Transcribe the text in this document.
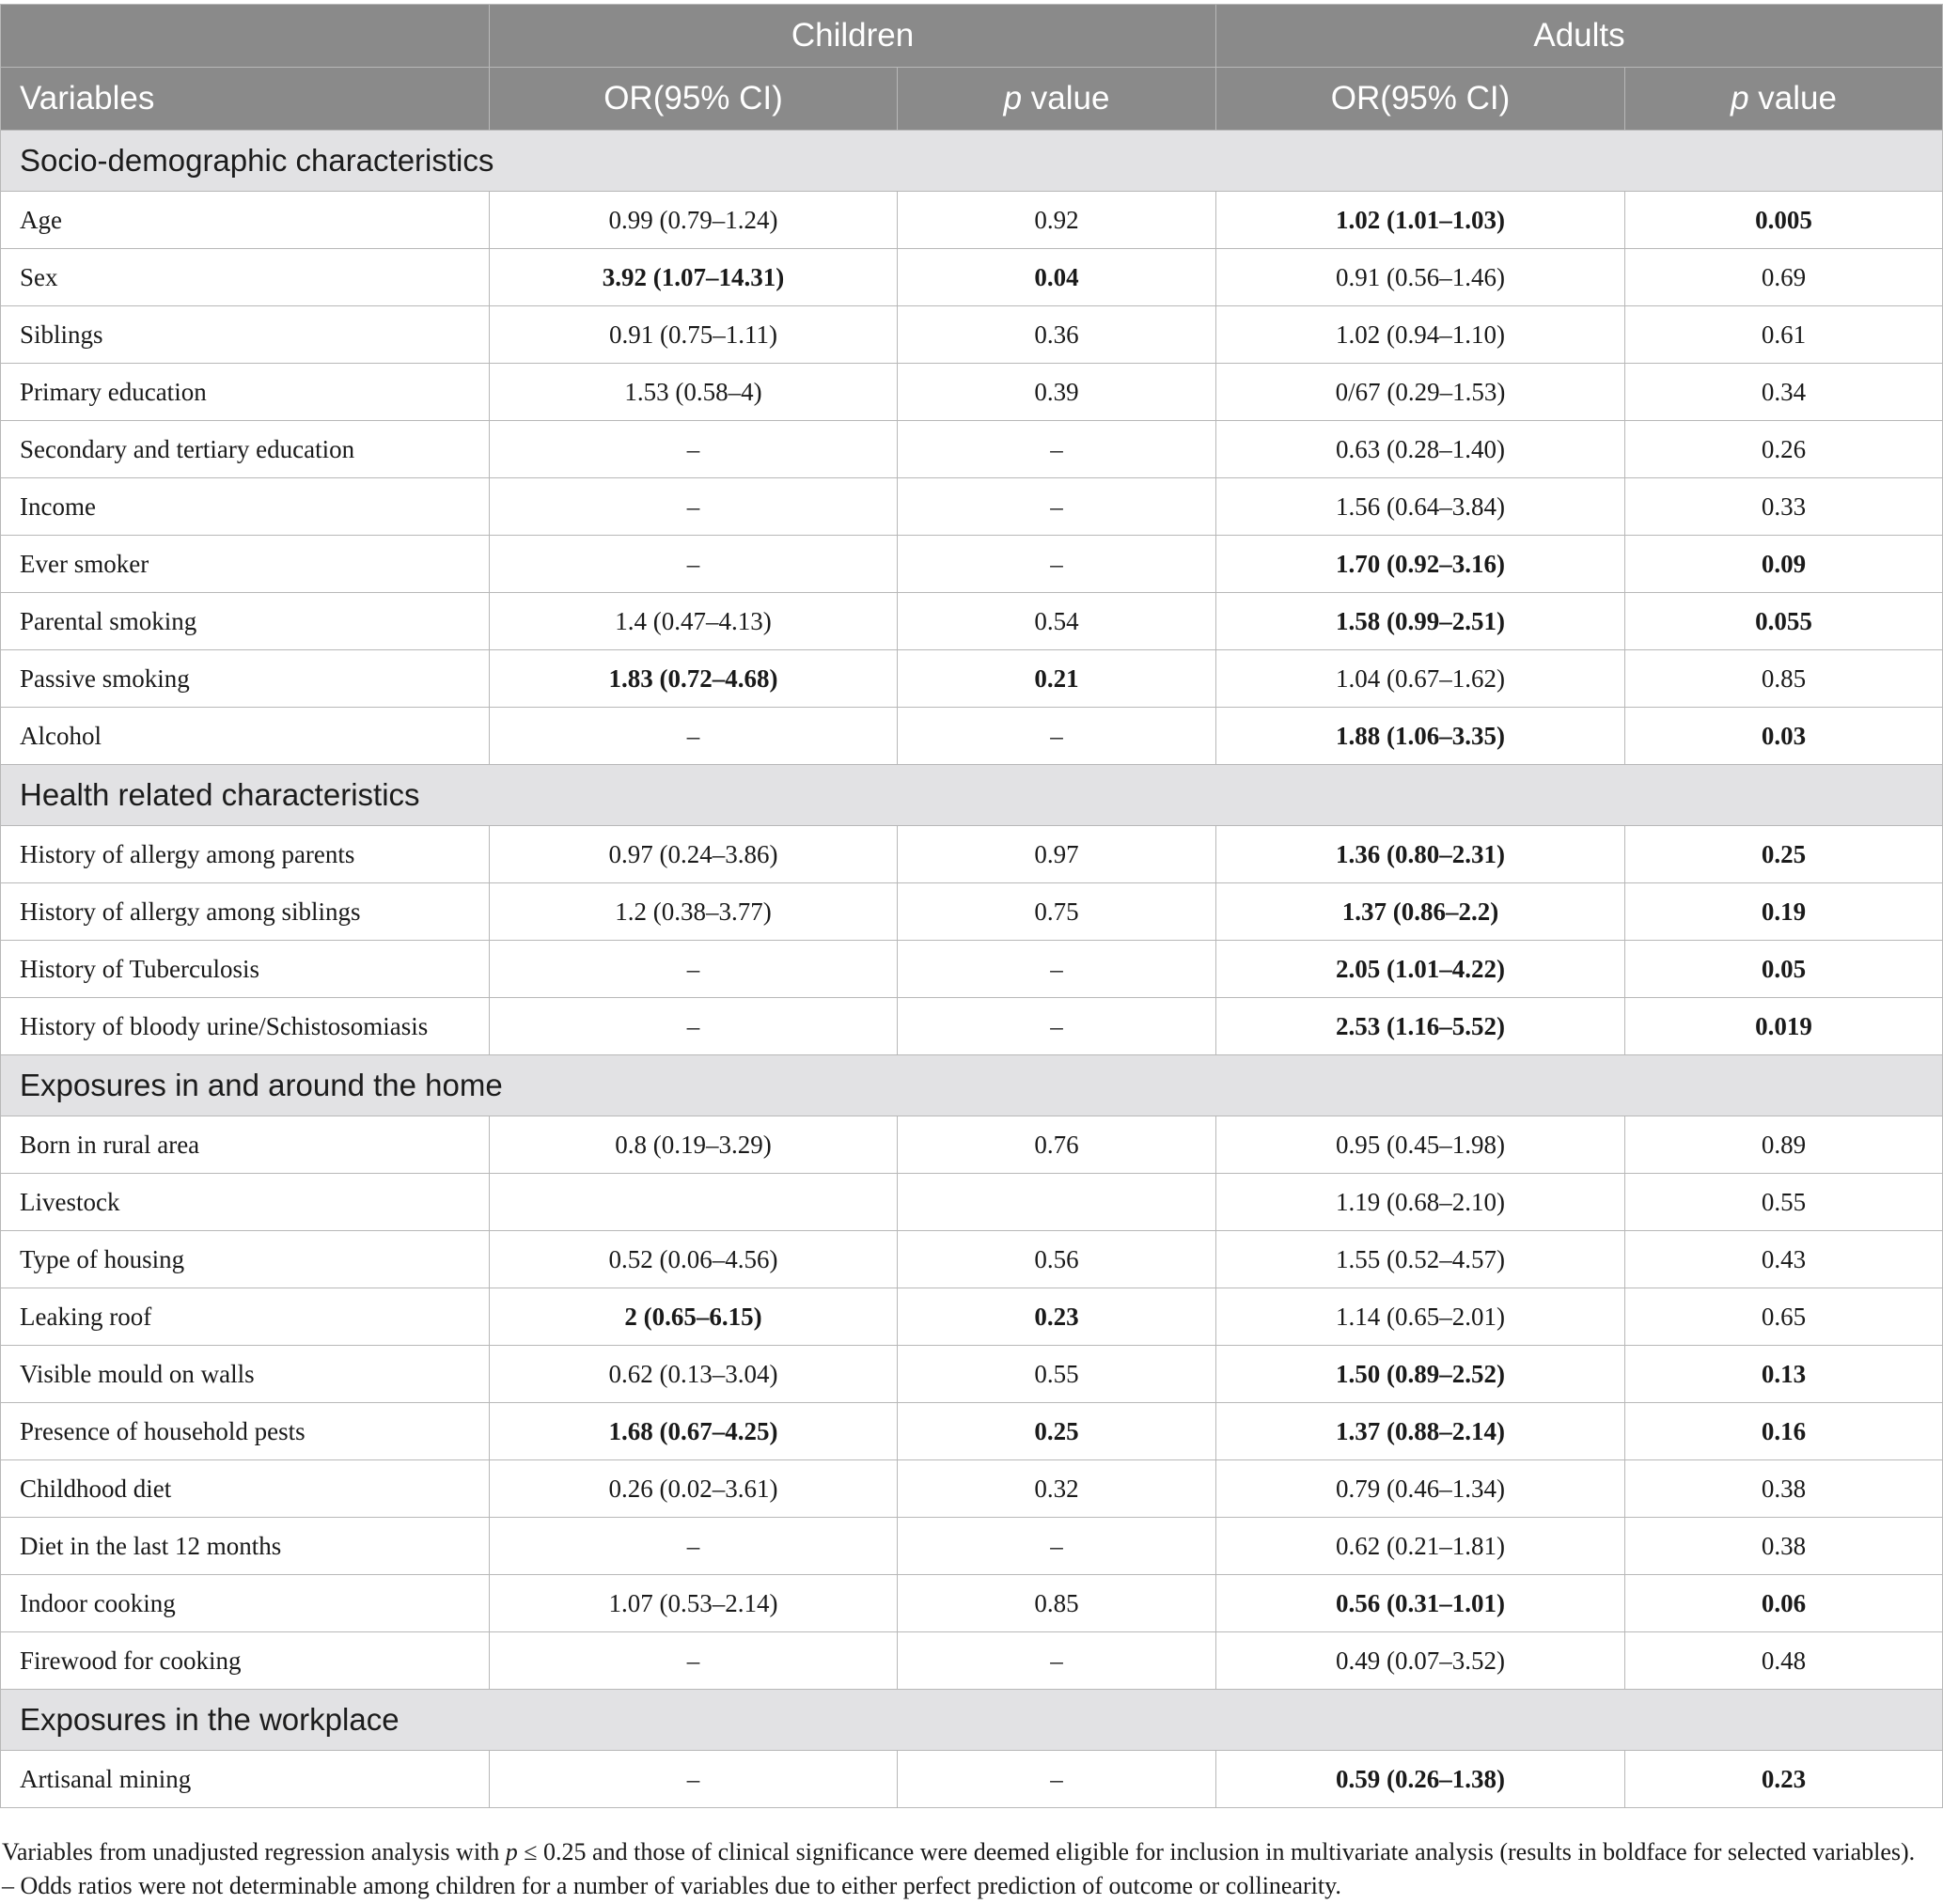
	Children		Adults	
Variables	OR(95% CI)	p value	OR(95% CI)	p value
Socio-demographic characteristics				
Age	0.99 (0.79–1.24)	0.92	1.02 (1.01–1.03)	0.005
Sex	3.92 (1.07–14.31)	0.04	0.91 (0.56–1.46)	0.69
Siblings	0.91 (0.75–1.11)	0.36	1.02 (0.94–1.10)	0.61
Primary education	1.53 (0.58–4)	0.39	0/67 (0.29–1.53)	0.34
Secondary and tertiary education	–	–	0.63 (0.28–1.40)	0.26
Income	–	–	1.56 (0.64–3.84)	0.33
Ever smoker	–	–	1.70 (0.92–3.16)	0.09
Parental smoking	1.4 (0.47–4.13)	0.54	1.58 (0.99–2.51)	0.055
Passive smoking	1.83 (0.72–4.68)	0.21	1.04 (0.67–1.62)	0.85
Alcohol	–	–	1.88 (1.06–3.35)	0.03
Health related characteristics				
History of allergy among parents	0.97 (0.24–3.86)	0.97	1.36 (0.80–2.31)	0.25
History of allergy among siblings	1.2 (0.38–3.77)	0.75	1.37 (0.86–2.2)	0.19
History of Tuberculosis	–	–	2.05 (1.01–4.22)	0.05
History of bloody urine/Schistosomiasis	–	–	2.53 (1.16–5.52)	0.019
Exposures in and around the home				
Born in rural area	0.8 (0.19–3.29)	0.76	0.95 (0.45–1.98)	0.89
Livestock			1.19 (0.68–2.10)	0.55
Type of housing	0.52 (0.06–4.56)	0.56	1.55 (0.52–4.57)	0.43
Leaking roof	2 (0.65–6.15)	0.23	1.14 (0.65–2.01)	0.65
Visible mould on walls	0.62 (0.13–3.04)	0.55	1.50 (0.89–2.52)	0.13
Presence of household pests	1.68 (0.67–4.25)	0.25	1.37 (0.88–2.14)	0.16
Childhood diet	0.26 (0.02–3.61)	0.32	0.79 (0.46–1.34)	0.38
Diet in the last 12 months	–	–	0.62 (0.21–1.81)	0.38
Indoor cooking	1.07 (0.53–2.14)	0.85	0.56 (0.31–1.01)	0.06
Firewood for cooking	–	–	0.49 (0.07–3.52)	0.48
Exposures in the workplace				
Artisanal mining	–	–	0.59 (0.26–1.38)	0.23
Variables from unadjusted regression analysis with p ≤ 0.25 and those of clinical significance were deemed eligible for inclusion in multivariate analysis (results in boldface for selected variables). – Odds ratios were not determinable among children for a number of variables due to either perfect prediction of outcome or collinearity.
